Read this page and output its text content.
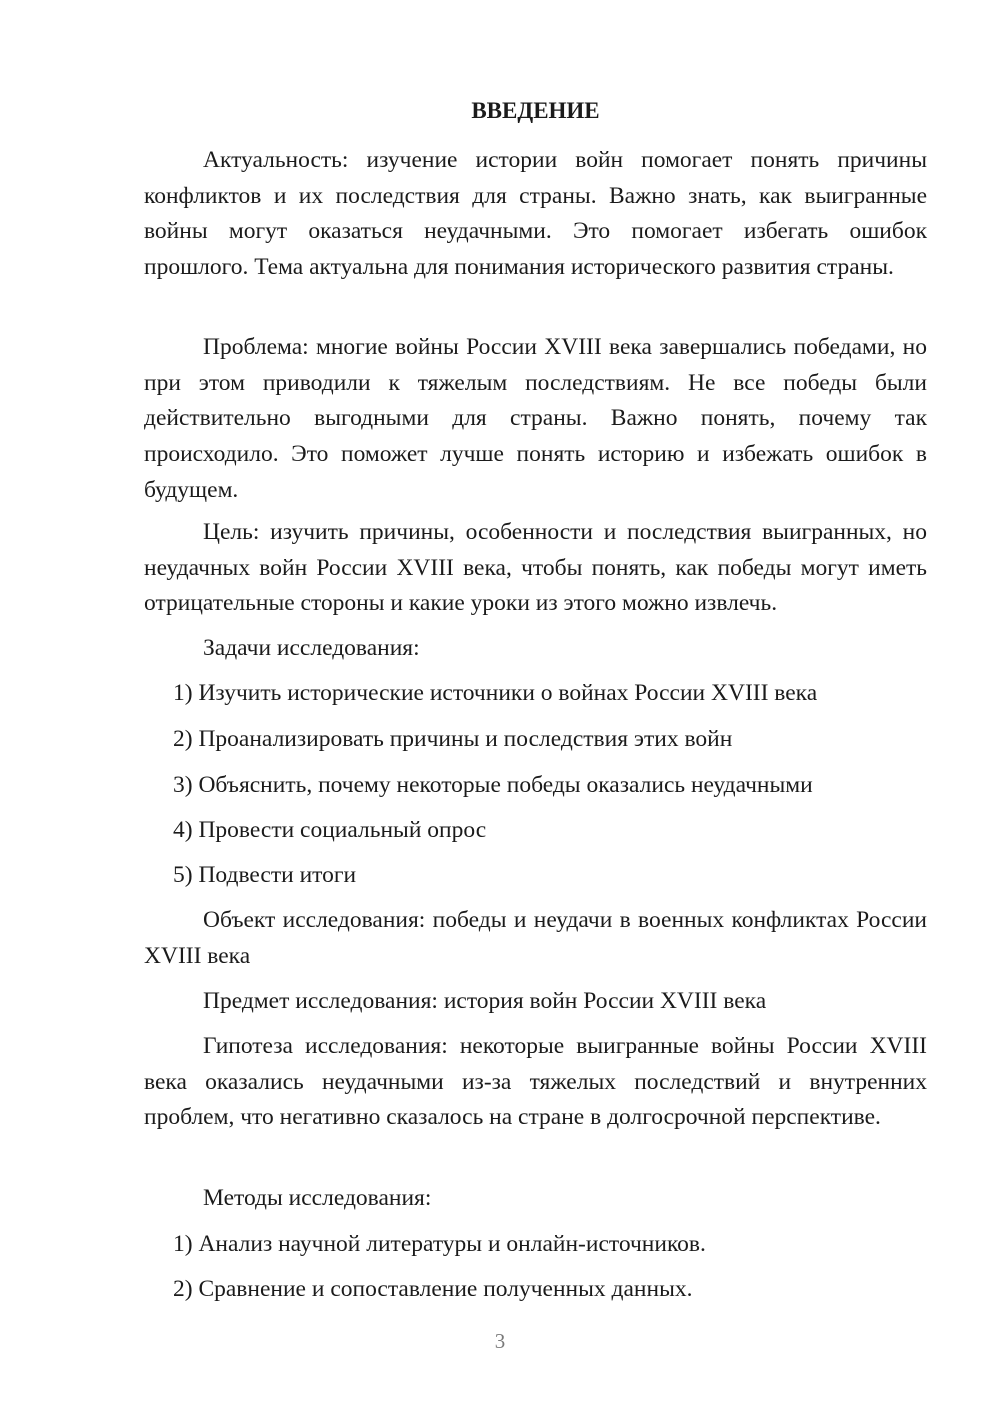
ВВЕДЕНИЕ

Актуальность: изучение истории войн помогает понять причины конфликтов и их последствия для страны. Важно знать, как выигранные войны могут оказаться неудачными. Это помогает избегать ошибок прошлого. Тема актуальна для понимания исторического развития страны.

Проблема: многие войны России XVIII века завершались победами, но при этом приводили к тяжелым последствиям. Не все победы были действительно выгодными для страны. Важно понять, почему так происходило. Это поможет лучше понять историю и избежать ошибок в будущем.

Цель: изучить причины, особенности и последствия выигранных, но неудачных войн России XVIII века, чтобы понять, как победы могут иметь отрицательные стороны и какие уроки из этого можно извлечь.

Задачи исследования:

1) Изучить исторические источники о войнах России XVIII века

2) Проанализировать причины и последствия этих войн

3) Объяснить, почему некоторые победы оказались неудачными

4) Провести социальный опрос

5) Подвести итоги

Объект исследования: победы и неудачи в военных конфликтах России XVIII века

Предмет исследования: история войн России XVIII века

Гипотеза исследования: некоторые выигранные войны России XVIII века оказались неудачными из-за тяжелых последствий и внутренних проблем, что негативно сказалось на стране в долгосрочной перспективе.

Методы исследования:

1) Анализ научной литературы и онлайн-источников.

2) Сравнение и сопоставление полученных данных.

3
